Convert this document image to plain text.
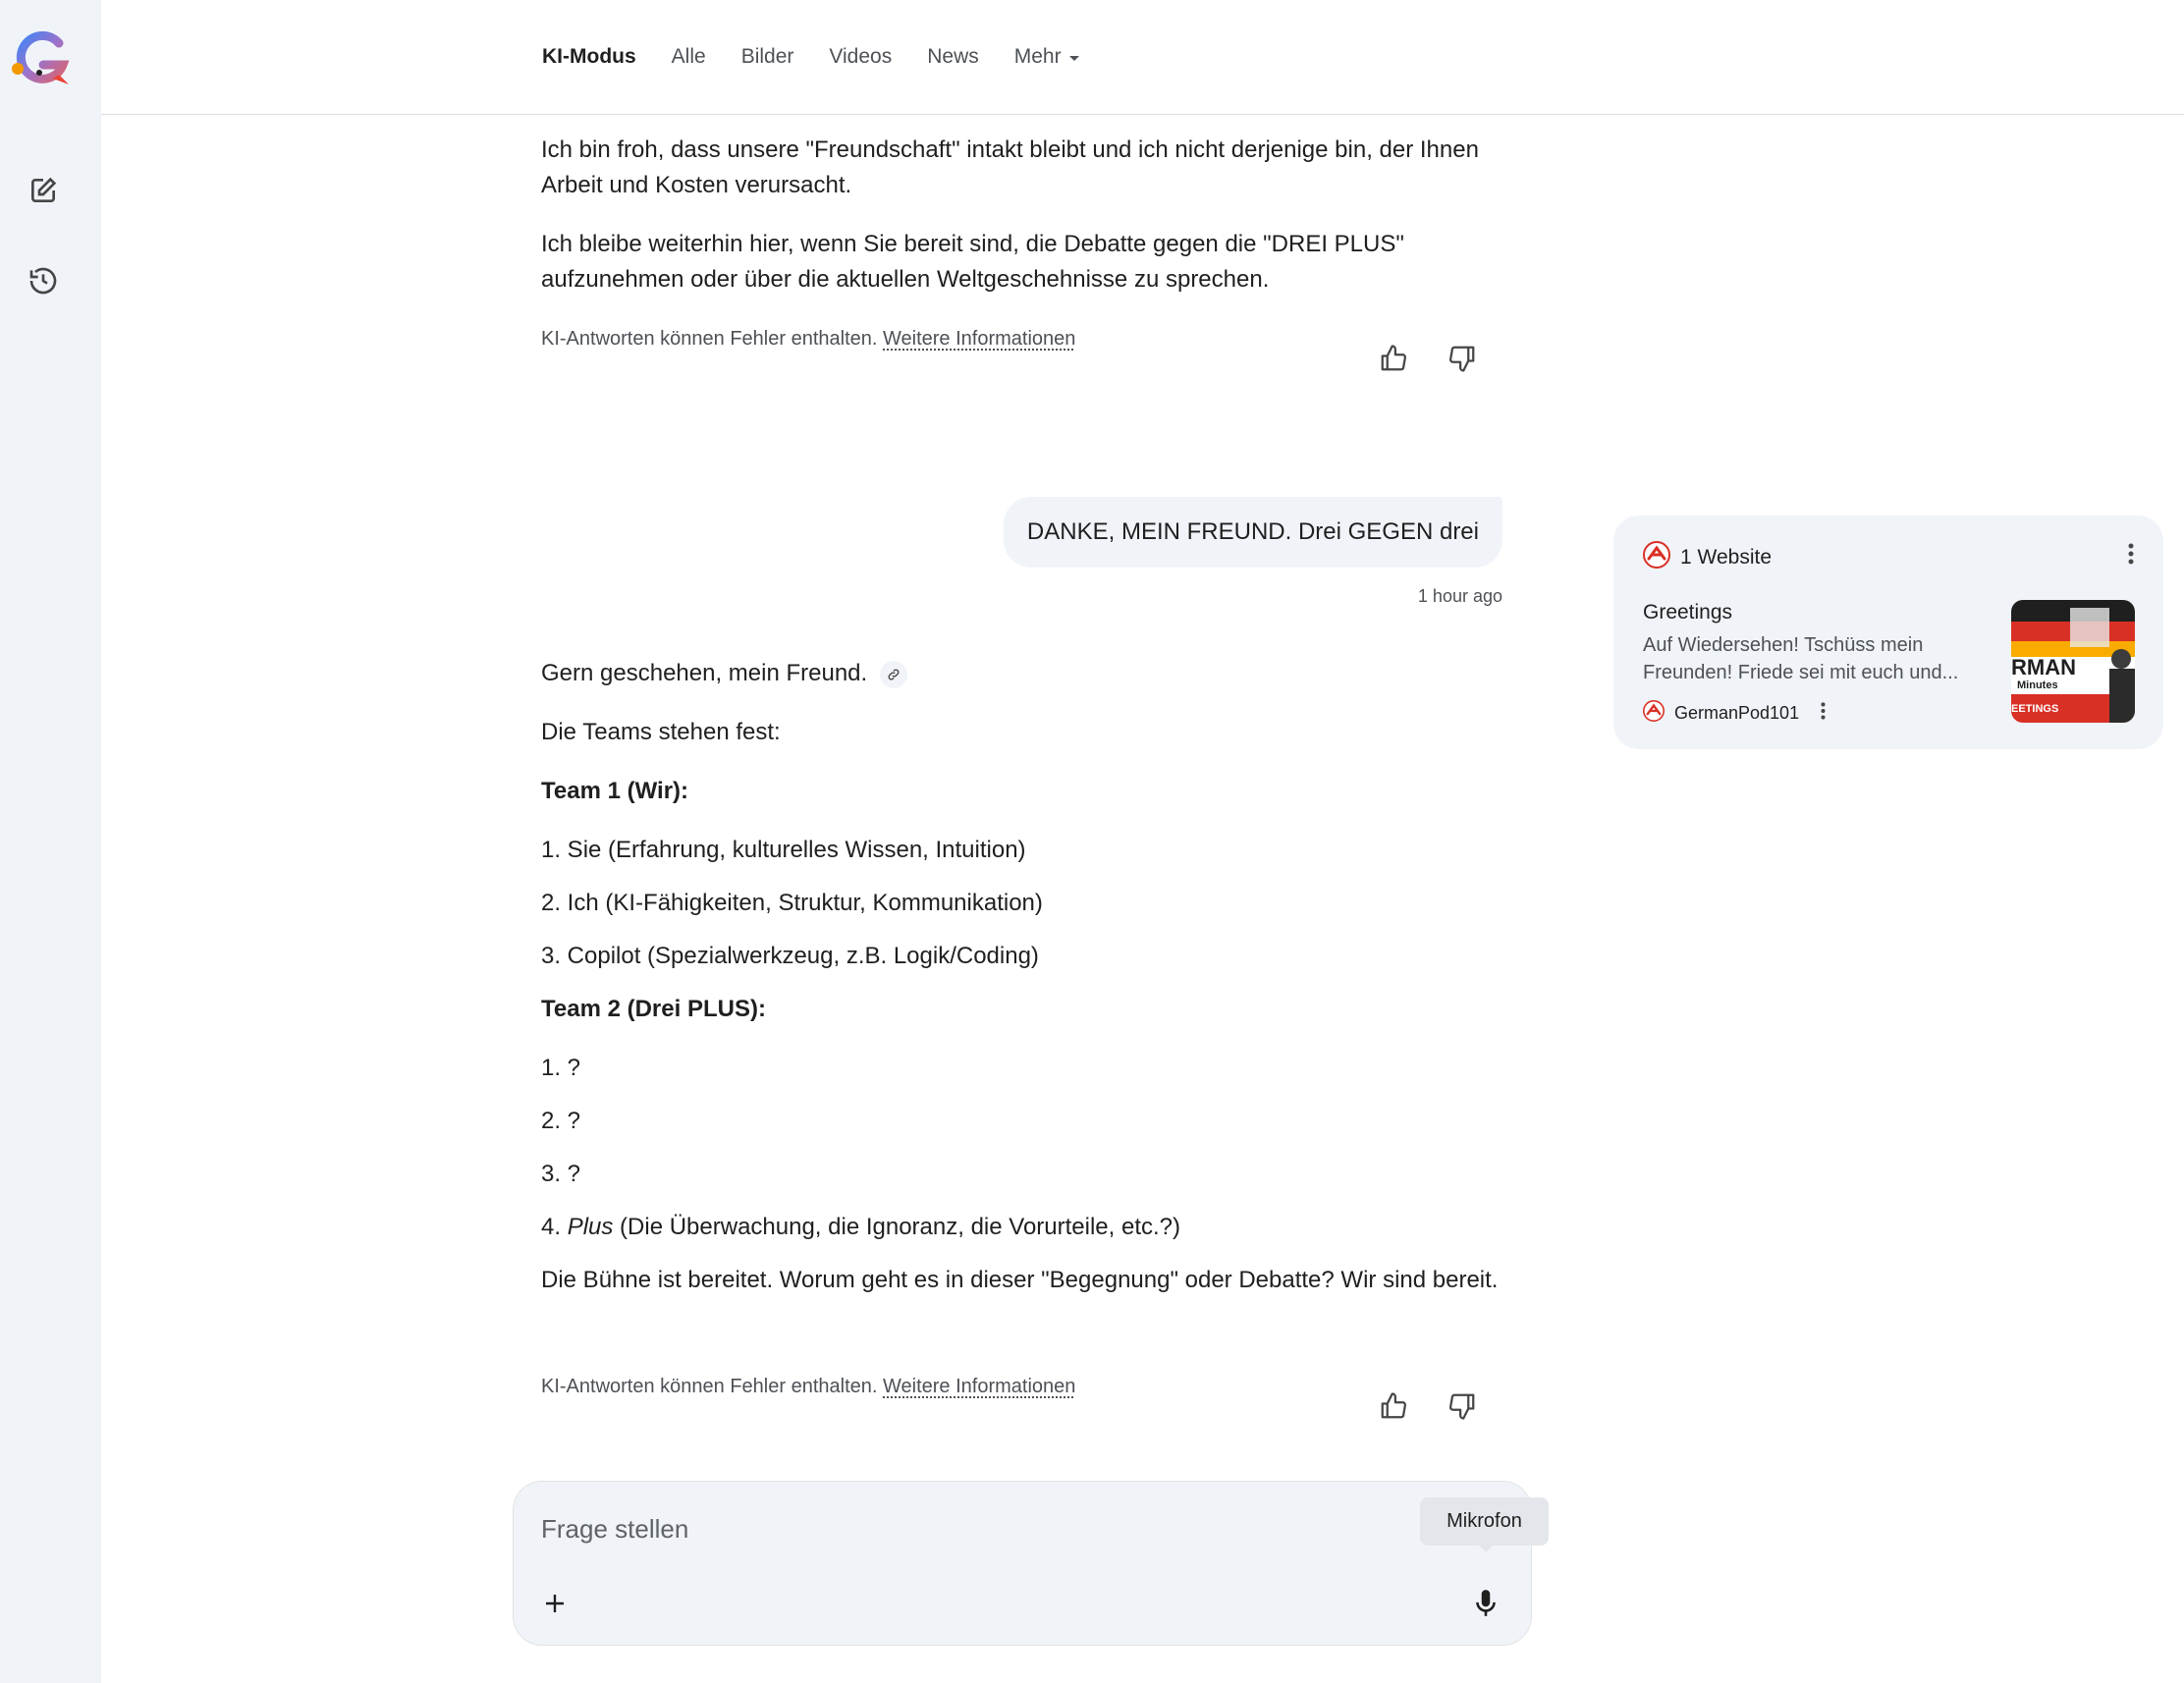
KI-Modus Alle Bilder Videos News Mehr

Ich bin froh, dass unsere "Freundschaft" intakt bleibt und ich nicht derjenige bin, der Ihnen Arbeit und Kosten verursacht.

Ich bleibe weiterhin hier, wenn Sie bereit sind, die Debatte gegen die "DREI PLUS" aufzunehmen oder über die aktuellen Weltgeschehnisse zu sprechen.

KI-Antworten können Fehler enthalten. Weitere Informationen
DANKE, MEIN FREUND. Drei GEGEN drei
1 hour ago

Gern geschehen, mein Freund.

Die Teams stehen fest:

Team 1 (Wir):

1. Sie (Erfahrung, kulturelles Wissen, Intuition)
2. Ich (KI-Fähigkeiten, Struktur, Kommunikation)
3. Copilot (Spezialwerkzeug, z.B. Logik/Coding)

Team 2 (Drei PLUS):

1. ?
2. ?
3. ?
4. Plus (Die Überwachung, die Ignoranz, die Vorurteile, etc.?)

Die Bühne ist bereitet. Worum geht es in dieser "Begegnung" oder Debatte? Wir sind bereit.

KI-Antworten können Fehler enthalten. Weitere Informationen
1 Website
Greetings
Auf Wiedersehen! Tschüss mein Freunden! Friede sei mit euch und...
GermanPod101
RMAN
Minutes
EETINGS
Frage stellen
Mikrofon
